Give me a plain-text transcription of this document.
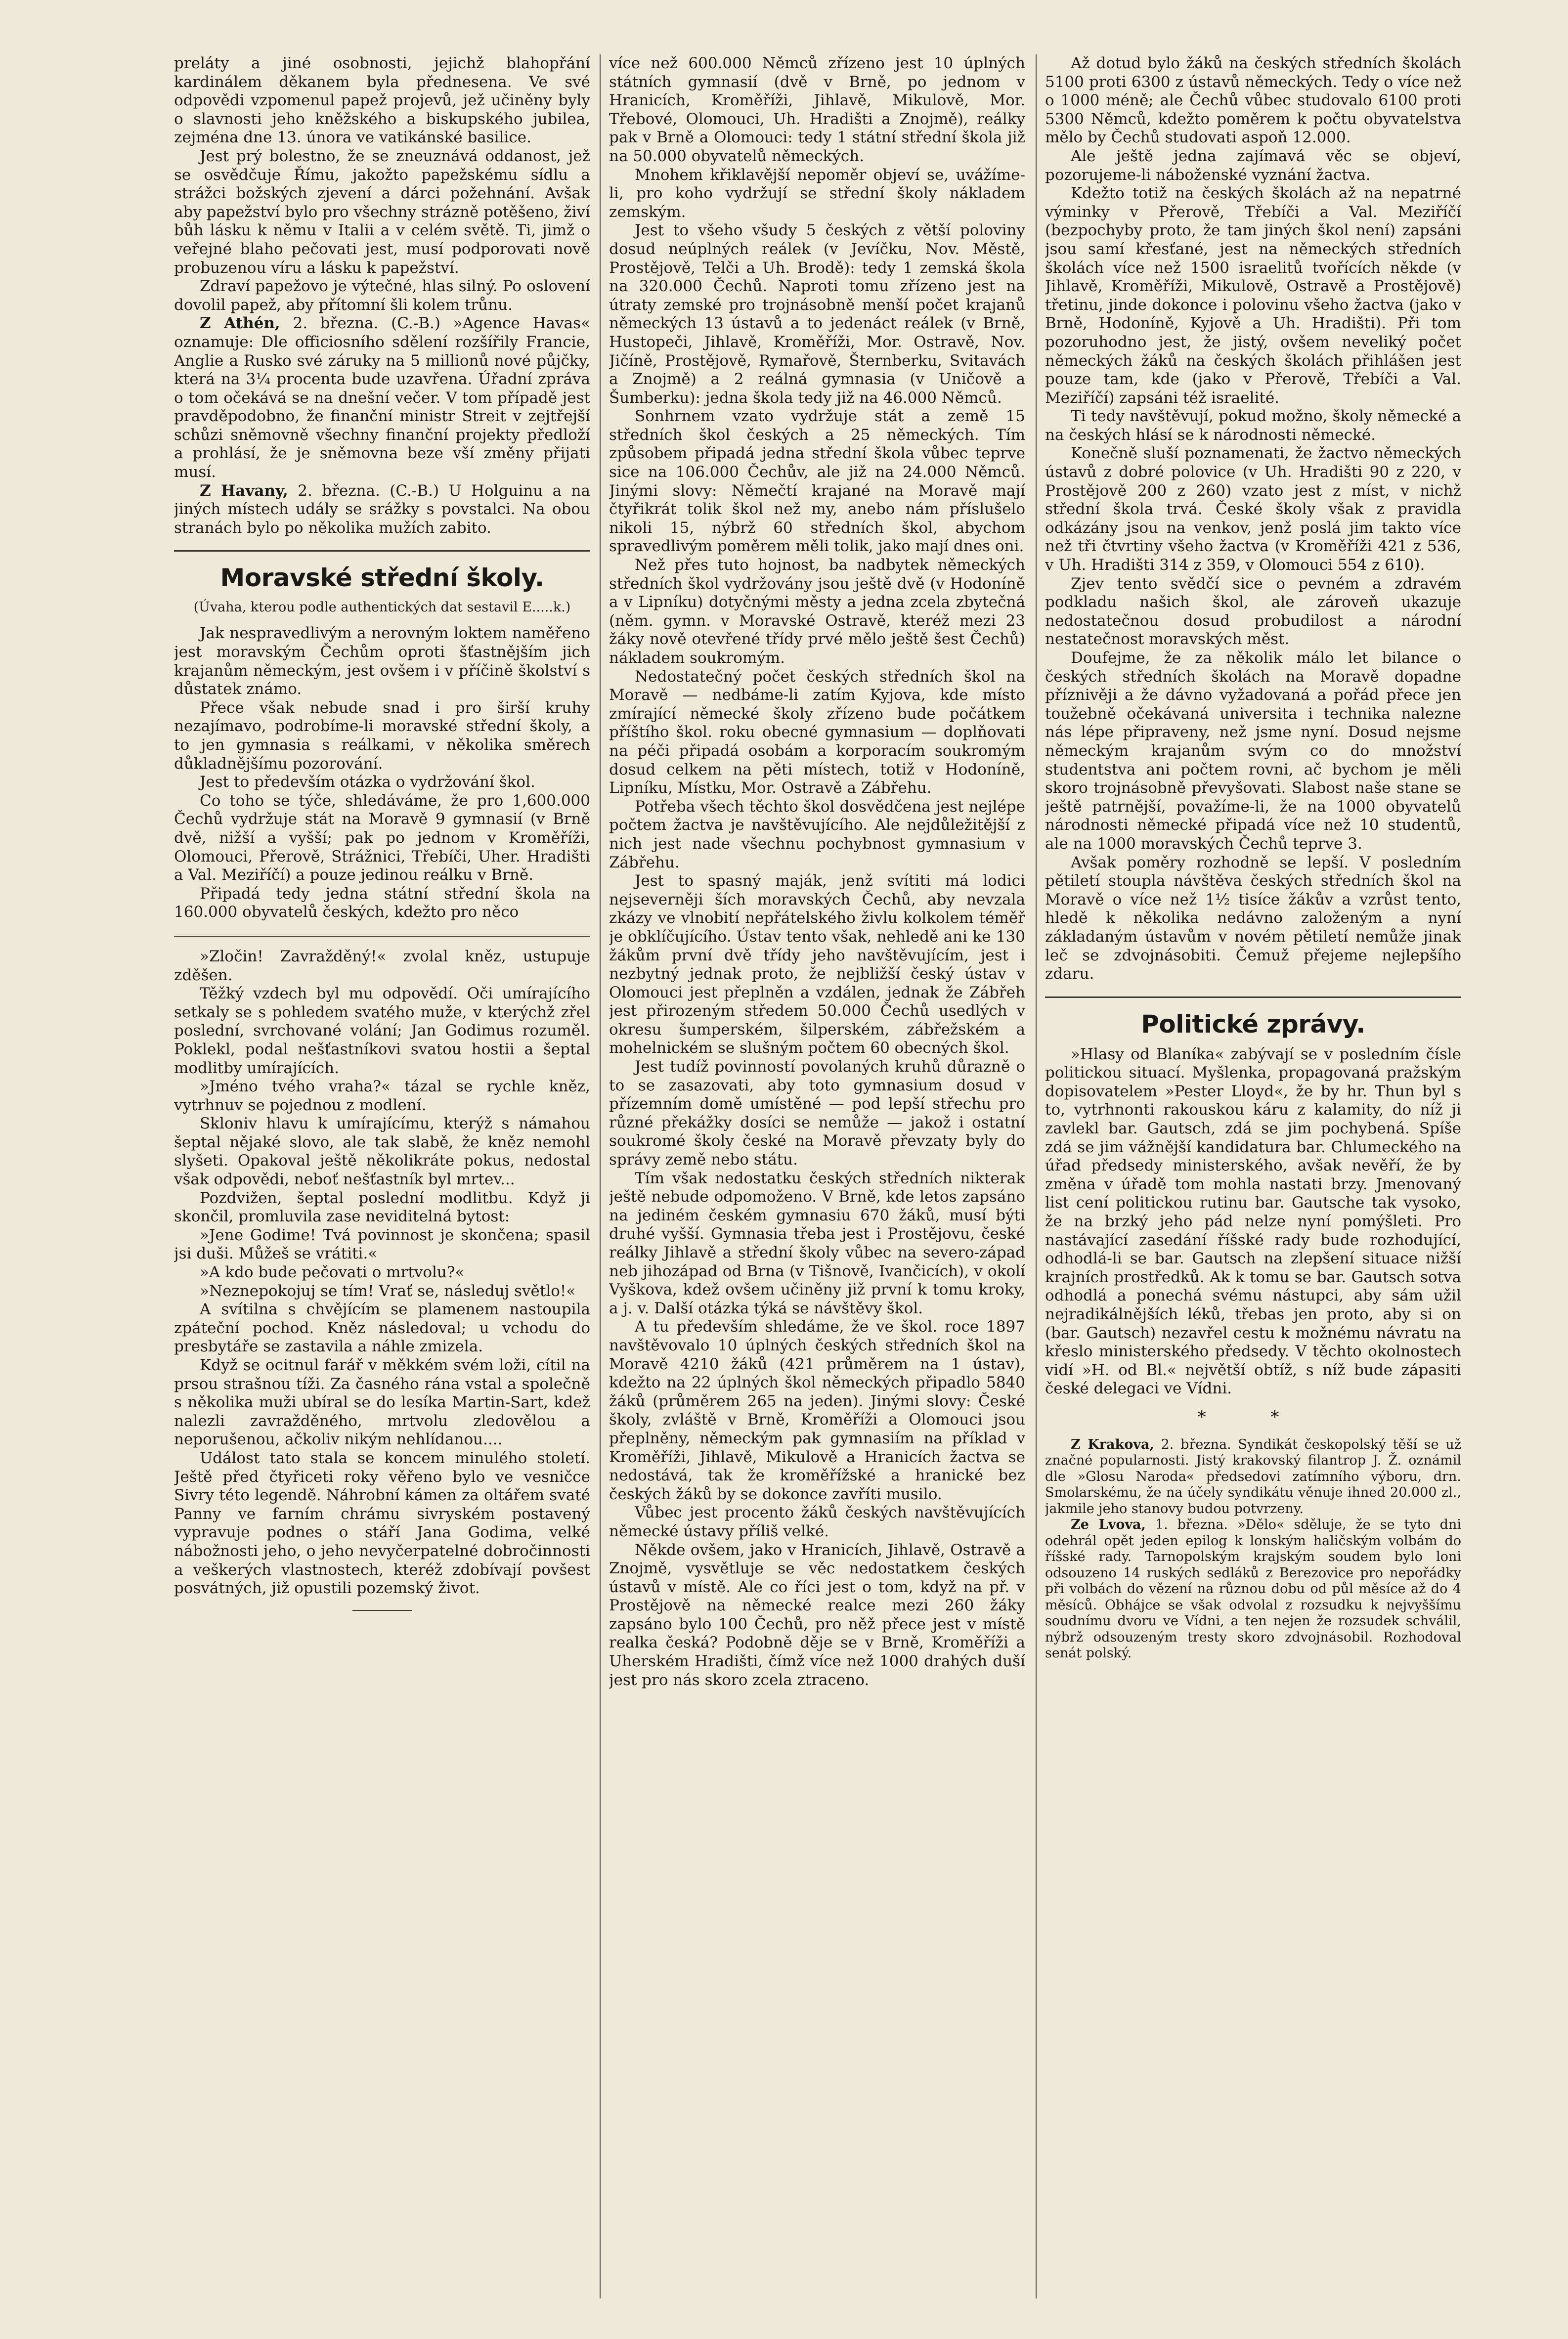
preláty a jiné osobnosti, jejichž blahopřání kardinálem děkanem byla přednesena. Ve své odpovědi vzpomenul papež projevů, jež učiněny byly o slavnosti jeho kněžského a biskupského jubilea, zejména dne 13. února ve vatikánské basilice.

Jest prý bolestno, že se zneuznává oddanost, jež se osvědčuje Římu, jakožto papežskému sídlu a strážci božských zjevení a dárci požehnání. Avšak aby papežství bylo pro všechny strázně potěšeno, živí bůh lásku k němu v Italii a v celém světě. Ti, jimž o veřejné blaho pečovati jest, musí podporovati nově probuzenou víru a lásku k papežství.

Zdraví papežovo je výtečné, hlas silný. Po oslovení dovolil papež, aby přítomní šli kolem trůnu.

Z Athén, 2. března. (C.-B.) »Agence Havas« oznamuje: Dle officiosního sdělení rozšířily Francie, Anglie a Rusko své záruky na 5 millionů nové půjčky, která na 3¼ procenta bude uzavřena. Úřadní zpráva o tom očekává se na dnešní večer. V tom případě jest pravděpodobno, že finanční ministr Streit v zejtřejší schůzi sněmovně všechny finanční projekty předloží a prohlásí, že je sněmovna beze vší změny přijati musí.

Z Havany, 2. března. (C.-B.) U Holguinu a na jiných místech udály se srážky s povstalci. Na obou stranách bylo po několika mužích zabito.

Moravské střední školy.
(Úvaha, kterou podle authentických dat sestavil E.....k.)

Jak nespravedlivým a nerovným loktem naměřeno jest moravským Čechům oproti šťastnějším jich krajanům německým, jest ovšem i v příčině školství s důstatek známo.

Přece však nebude snad i pro širší kruhy nezajímavo, podrobíme-li moravské střední školy, a to jen gymnasia s reálkami, v několika směrech důkladnějšímu pozorování.

Jest to především otázka o vydržování škol.

Co toho se týče, shledáváme, že pro 1,600.000 Čechů vydržuje stát na Moravě 9 gymnasií (v Brně dvě, nižší a vyšší; pak po jednom v Kroměříži, Olomouci, Přerově, Strážnici, Třebíči, Uher. Hradišti a Val. Meziříčí) a pouze jedinou reálku v Brně.

Připadá tedy jedna státní střední škola na 160.000 obyvatelů českých, kdežto pro něco

»Zločin! Zavražděný!« zvolal kněz, ustupuje zděšen.

Těžký vzdech byl mu odpovědí. Oči umírajícího setkaly se s pohledem svatého muže, v kterýchž zřel poslední, svrchované volání; Jan Godimus rozuměl. Poklekl, podal nešťastníkovi svatou hostii a šeptal modlitby umírajících.

»Jméno tvého vraha?« tázal se rychle kněz, vytrhnuv se pojednou z modlení.

Skloniv hlavu k umírajícímu, kterýž s námahou šeptal nějaké slovo, ale tak slabě, že kněz nemohl slyšeti. Opakoval ještě několikráte pokus, nedostal však odpovědi, neboť nešťastník byl mrtev...

Pozdvižen, šeptal poslední modlitbu. Když ji skončil, promluvila zase neviditelná bytost:

»Jene Godime! Tvá povinnost je skončena; spasil jsi duši. Můžeš se vrátiti.«

»A kdo bude pečovati o mrtvolu?«

»Neznepokojuj se tím! Vrať se, následuj světlo!«

A svítilna s chvějícím se plamenem nastoupila zpáteční pochod. Kněz následoval; u vchodu do presbytáře se zastavila a náhle zmizela.

Když se ocitnul farář v měkkém svém loži, cítil na prsou strašnou tíži. Za časného rána vstal a společně s několika muži ubíral se do lesíka Martin-Sart, kdež nalezli zavražděného, mrtvolu zledovělou a neporušenou, ačkoliv nikým nehlídanou....

Událost tato stala se koncem minulého století. Ještě před čtyřiceti roky věřeno bylo ve vesničce Sivry této legendě. Náhrobní kámen za oltářem svaté Panny ve farním chrámu sivryském postavený vypravuje podnes o stáří Jana Godima, velké nábožnosti jeho, o jeho nevyčerpatelné dobročinnosti a veškerých vlastnostech, kteréž zdobívají povšest posvátných, již opustili pozemský život.

více než 600.000 Němců zřízeno jest 10 úplných státních gymnasií (dvě v Brně, po jednom v Hranicích, Kroměříži, Jihlavě, Mikulově, Mor. Třebové, Olomouci, Uh. Hradišti a Znojmě), reálky pak v Brně a Olomouci: tedy 1 státní střední škola již na 50.000 obyvatelů německých.

Mnohem křiklavější nepoměr objeví se, uvážíme-li, pro koho vydržují se střední školy nákladem zemským.

Jest to všeho všudy 5 českých z větší poloviny dosud neúplných reálek (v Jevíčku, Nov. Městě, Prostějově, Telči a Uh. Brodě): tedy 1 zemská škola na 320.000 Čechů. Naproti tomu zřízeno jest na útraty zemské pro trojnásobně menší počet krajanů německých 13 ústavů a to jedenáct reálek (v Brně, Hustopeči, Jihlavě, Kroměříži, Mor. Ostravě, Nov. Jičíně, Prostějově, Rymařově, Šternberku, Svitavách a Znojmě) a 2 reálná gymnasia (v Uničově a Šumberku): jedna škola tedy již na 46.000 Němců.

Sonhrnem vzato vydržuje stát a země 15 středních škol českých a 25 německých. Tím způsobem připadá jedna střední škola vůbec teprve sice na 106.000 Čechův, ale již na 24.000 Němců. Jinými slovy: Němečtí krajané na Moravě mají čtyřikrát tolik škol než my, anebo nám příslušelo nikoli 15, nýbrž 60 středních škol, abychom spravedlivým poměrem měli tolik, jako mají dnes oni.

Než přes tuto hojnost, ba nadbytek německých středních škol vydržovány jsou ještě dvě (v Hodoníně a v Lipníku) dotyčnými městy a jedna zcela zbytečná (něm. gymn. v Moravské Ostravě, kteréž mezi 23 žáky nově otevřené třídy prvé mělo ještě šest Čechů) nákladem soukromým.

Nedostatečný počet českých středních škol na Moravě — nedbáme-li zatím Kyjova, kde místo zmírající německé školy zřízeno bude počátkem příštího škol. roku obecné gymnasium — doplňovati na péči připadá osobám a korporacím soukromým dosud celkem na pěti místech, totiž v Hodoníně, Lipníku, Místku, Mor. Ostravě a Zábřehu.

Potřeba všech těchto škol dosvědčena jest nejlépe počtem žactva je navštěvujícího. Ale nejdůležitější z nich jest nade všechnu pochybnost gymnasium v Zábřehu.

Jest to spasný maják, jenž svítiti má lodici nejseverněji ších moravských Čechů, aby nevzala zkázy ve vlnobití nepřátelského živlu kolkolem téměř je obklíčujícího. Ústav tento však, nehledě ani ke 130 žákům první dvě třídy jeho navštěvujícím, jest i nezbytný jednak proto, že nejbližší český ústav v Olomouci jest přeplněn a vzdálen, jednak že Zábřeh jest přirozeným středem 50.000 Čechů usedlých v okresu šumperském, šilperském, zábřežském a mohelnickém se slušným počtem 60 obecných škol.

Jest tudíž povinností povolaných kruhů důrazně o to se zasazovati, aby toto gymnasium dosud v přízemním domě umístěné — pod lepší střechu pro různé překážky dosíci se nemůže — jakož i ostatní soukromé školy české na Moravě převzaty byly do správy země nebo státu.

Tím však nedostatku českých středních nikterak ještě nebude odpomoženo. V Brně, kde letos zapsáno na jediném českém gymnasiu 670 žáků, musí býti druhé vyšší. Gymnasia třeba jest i Prostějovu, české reálky Jihlavě a střední školy vůbec na severo-západ neb jihozápad od Brna (v Tišnově, Ivančicích), v okolí Vyškova, kdež ovšem učiněny již první k tomu kroky, a j. v. Další otázka týká se návštěvy škol.

A tu především shledáme, že ve škol. roce 1897 navštěvovalo 10 úplných českých středních škol na Moravě 4210 žáků (421 průměrem na 1 ústav), kdežto na 22 úplných škol německých připadlo 5840 žáků (průměrem 265 na jeden). Jinými slovy: České školy, zvláště v Brně, Kroměříži a Olomouci jsou přeplněny, německým pak gymnasiím na příklad v Kroměříži, Jihlavě, Mikulově a Hranicích žactva se nedostává, tak že kroměřížské a hranické bez českých žáků by se dokonce zavříti musilo.

Vůbec jest procento žáků českých navštěvujících německé ústavy příliš velké.

Někde ovšem, jako v Hranicích, Jihlavě, Ostravě a Znojmě, vysvětluje se věc nedostatkem českých ústavů v místě. Ale co říci jest o tom, když na př. v Prostějově na německé realce mezi 260 žáky zapsáno bylo 100 Čechů, pro něž přece jest v místě realka česká? Podobně děje se v Brně, Kroměříži a Uherském Hradišti, čímž více než 1000 drahých duší jest pro nás skoro zcela ztraceno.

Až dotud bylo žáků na českých středních školách 5100 proti 6300 z ústavů německých. Tedy o více než o 1000 méně; ale Čechů vůbec studovalo 6100 proti 5300 Němců, kdežto poměrem k počtu obyvatelstva mělo by Čechů studovati aspoň 12.000.

Ale ještě jedna zajímavá věc se objeví, pozorujeme-li náboženské vyznání žactva.

Kdežto totiž na českých školách až na nepatrné výminky v Přerově, Třebíči a Val. Meziříčí (bezpochyby proto, že tam jiných škol není) zapsáni jsou samí křesťané, jest na německých středních školách více než 1500 israelitů tvořících někde (v Jihlavě, Kroměříži, Mikulově, Ostravě a Prostějově) třetinu, jinde dokonce i polovinu všeho žactva (jako v Brně, Hodoníně, Kyjově a Uh. Hradišti). Při tom pozoruhodno jest, že jistý, ovšem neveliký počet německých žáků na českých školách přihlášen jest pouze tam, kde (jako v Přerově, Třebíči a Val. Meziříčí) zapsáni též israelité.

Ti tedy navštěvují, pokud možno, školy německé a na českých hlásí se k národnosti německé.

Konečně sluší poznamenati, že žactvo německých ústavů z dobré polovice (v Uh. Hradišti 90 z 220, v Prostějově 200 z 260) vzato jest z míst, v nichž střední škola trvá. České školy však z pravidla odkázány jsou na venkov, jenž poslá jim takto více než tři čtvrtiny všeho žactva (v Kroměříži 421 z 536, v Uh. Hradišti 314 z 359, v Olomouci 554 z 610).

Zjev tento svědčí sice o pevném a zdravém podkladu našich škol, ale zároveň ukazuje nedostatečnou dosud probudilost a národní nestatečnost moravských měst.

Doufejme, že za několik málo let bilance o českých středních školách na Moravě dopadne příznivěji a že dávno vyžadovaná a pořád přece jen toužebně očekávaná universita i technika nalezne nás lépe připraveny, než jsme nyní. Dosud nejsme německým krajanům svým co do množství studentstva ani počtem rovni, ač bychom je měli skoro trojnásobně převyšovati. Slabost naše stane se ještě patrnější, považíme-li, že na 1000 obyvatelů národnosti německé připadá více než 10 studentů, ale na 1000 moravských Čechů teprve 3.

Avšak poměry rozhodně se lepší. V posledním pětiletí stoupla návštěva českých středních škol na Moravě o více než 1½ tisíce žákův a vzrůst tento, hledě k několika nedávno založeným a nyní základaným ústavům v novém pětiletí nemůže jinak leč se zdvojnásobiti. Čemuž přejeme nejlepšího zdaru.

Politické zprávy.

»Hlasy od Blaníka« zabývají se v posledním čísle politickou situací. Myšlenka, propagovaná pražským dopisovatelem »Pester Lloyd«, že by hr. Thun byl s to, vytrhnonti rakouskou káru z kalamity, do níž ji zavlekl bar. Gautsch, zdá se jim pochybená. Spíše zdá se jim vážnější kandidatura bar. Chlumeckého na úřad předsedy ministerského, avšak nevěří, že by změna v úřadě tom mohla nastati brzy. Jmenovaný list cení politickou rutinu bar. Gautsche tak vysoko, že na brzký jeho pád nelze nyní pomýšleti. Pro nastávající zasedání říšské rady bude rozhodující, odhodlá-li se bar. Gautsch na zlepšení situace nižší krajních prostředků. Ak k tomu se bar. Gautsch sotva odhodlá a ponechá svému nástupci, aby sám užil nejradikálnějších léků, třebas jen proto, aby si on (bar. Gautsch) nezavřel cestu k možnému návratu na křeslo ministerského předsedy. V těchto okolnostech vidí »H. od Bl.« největší obtíž, s níž bude zápasiti české delegaci ve Vídni.

* *

Z Krakova, 2. března. Syndikát českopolský těší se už značné popularnosti. Jistý krakovský filantrop J. Ž. oznámil dle »Glosu Naroda« předsedovi zatímního výboru, drn. Smolarskému, že na účely syndikátu věnuje ihned 20.000 zl., jakmile jeho stanovy budou potvrzeny.

Ze Lvova, 1. března. »Dělo« sděluje, že se tyto dni odehrál opět jeden epilog k lonským haličským volbám do říšské rady. Tarnopolským krajským soudem bylo loni odsouzeno 14 ruských sedláků z Berezovice pro nepořádky při volbách do vězení na různou dobu od půl měsíce až do 4 měsíců. Obhájce se však odvolal z rozsudku k nejvyššímu soudnímu dvoru ve Vídni, a ten nejen že rozsudek schválil, nýbrž odsouzeným tresty skoro zdvojnásobil. Rozhodoval senát polský.
